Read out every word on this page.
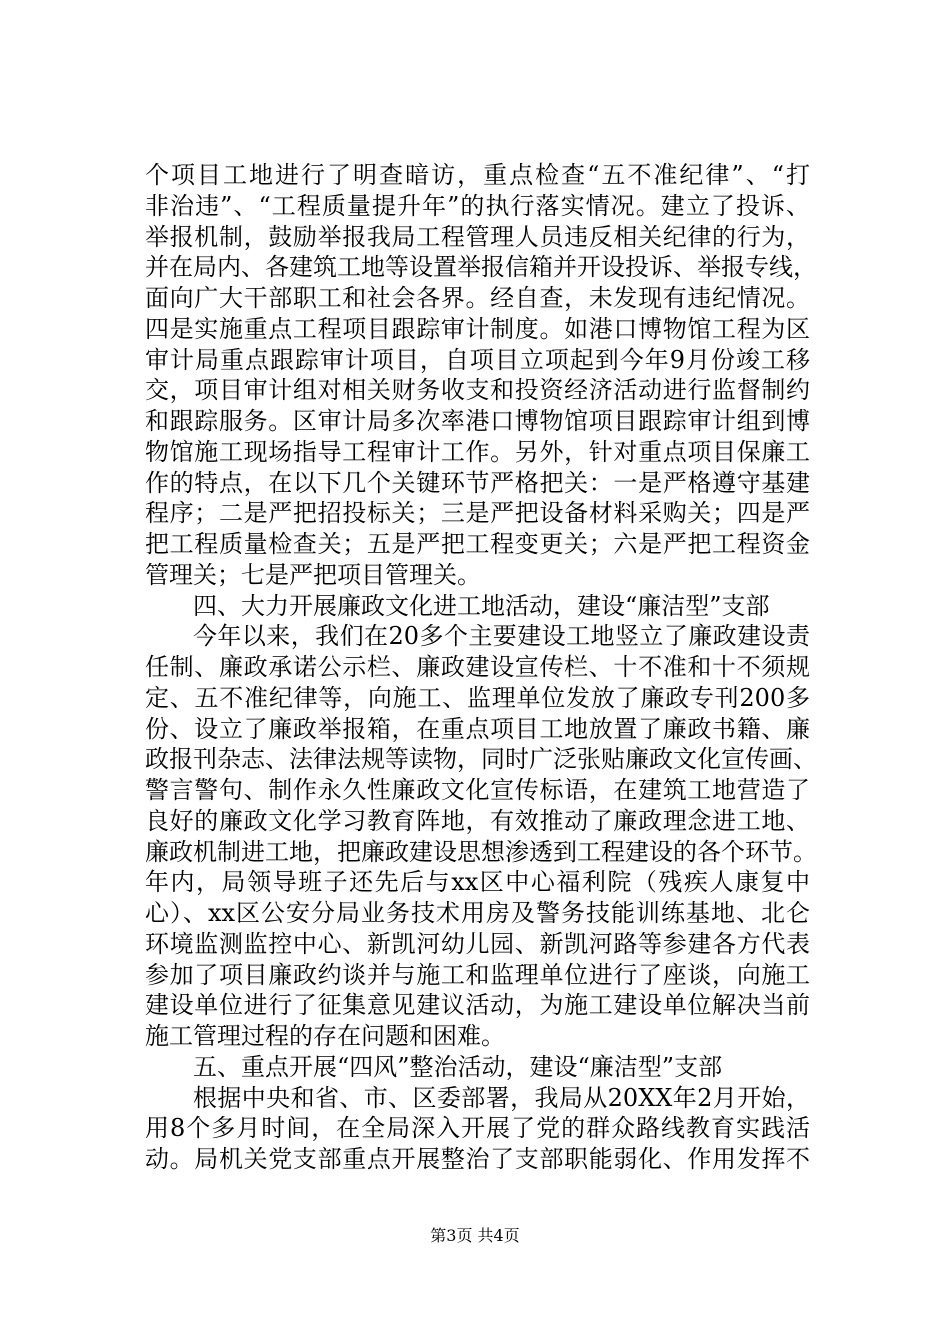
个项目工地进行了明查暗访，重点检查“五不准纪律”、“打
非治违”、“工程质量提升年”的执行落实情况。建立了投诉、
举报机制，鼓励举报我局工程管理人员违反相关纪律的行为，
并在局内、各建筑工地等设置举报信箱并开设投诉、举报专线，
面向广大干部职工和社会各界。经自查，未发现有违纪情况。
四是实施重点工程项目跟踪审计制度。如港口博物馆工程为区
审计局重点跟踪审计项目，自项目立项起到今年9月份竣工移
交，项目审计组对相关财务收支和投资经济活动进行监督制约
和跟踪服务。区审计局多次率港口博物馆项目跟踪审计组到博
物馆施工现场指导工程审计工作。另外，针对重点项目保廉工
作的特点，在以下几个关键环节严格把关：一是严格遵守基建
程序；二是严把招投标关；三是严把设备材料采购关；四是严
把工程质量检查关；五是严把工程变更关；六是严把工程资金
管理关；七是严把项目管理关。
四、大力开展廉政文化进工地活动，建设“廉洁型”支部
今年以来，我们在20多个主要建设工地竖立了廉政建设责
任制、廉政承诺公示栏、廉政建设宣传栏、十不准和十不须规
定、五不准纪律等，向施工、监理单位发放了廉政专刊200多
份、设立了廉政举报箱，在重点项目工地放置了廉政书籍、廉
政报刊杂志、法律法规等读物，同时广泛张贴廉政文化宣传画、
警言警句、制作永久性廉政文化宣传标语，在建筑工地营造了
良好的廉政文化学习教育阵地，有效推动了廉政理念进工地、
廉政机制进工地，把廉政建设思想渗透到工程建设的各个环节。
年内，局领导班子还先后与xx区中心福利院（残疾人康复中
心）、xx区公安分局业务技术用房及警务技能训练基地、北仑
环境监测监控中心、新凯河幼儿园、新凯河路等参建各方代表
参加了项目廉政约谈并与施工和监理单位进行了座谈，向施工
建设单位进行了征集意见建议活动，为施工建设单位解决当前
施工管理过程的存在问题和困难。
五、重点开展“四风”整治活动，建设“廉洁型”支部
根据中央和省、市、区委部署，我局从20XX年2月开始，
用8个多月时间，在全局深入开展了党的群众路线教育实践活
动。局机关党支部重点开展整治了支部职能弱化、作用发挥不
第3页 共4页
